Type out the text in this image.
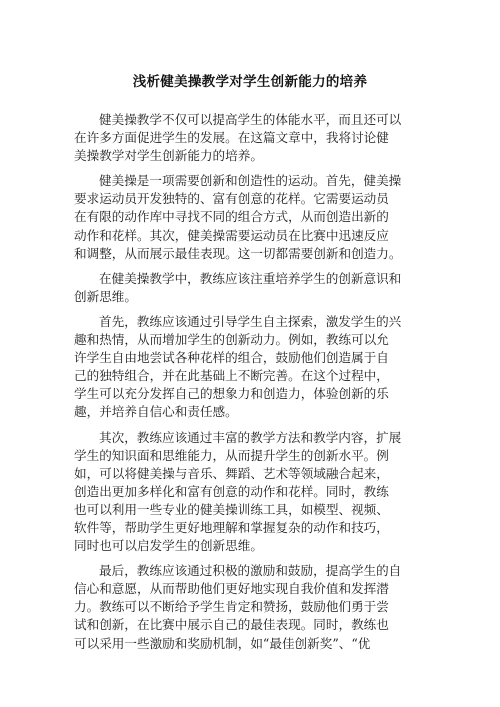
浅析健美操教学对学生创新能力的培养
健美操教学不仅可以提高学生的体能水平，而且还可以
在许多方面促进学生的发展。在这篇文章中，我将讨论健
美操教学对学生创新能力的培养。
健美操是一项需要创新和创造性的运动。首先，健美操
要求运动员开发独特的、富有创意的花样。它需要运动员
在有限的动作库中寻找不同的组合方式，从而创造出新的
动作和花样。其次，健美操需要运动员在比赛中迅速反应
和调整，从而展示最佳表现。这一切都需要创新和创造力。
在健美操教学中，教练应该注重培养学生的创新意识和
创新思维。
首先，教练应该通过引导学生自主探索，激发学生的兴
趣和热情，从而增加学生的创新动力。例如，教练可以允
许学生自由地尝试各种花样的组合，鼓励他们创造属于自
己的独特组合，并在此基础上不断完善。在这个过程中，
学生可以充分发挥自己的想象力和创造力，体验创新的乐
趣，并培养自信心和责任感。
其次，教练应该通过丰富的教学方法和教学内容，扩展
学生的知识面和思维能力，从而提升学生的创新水平。例
如，可以将健美操与音乐、舞蹈、艺术等领域融合起来，
创造出更加多样化和富有创意的动作和花样。同时，教练
也可以利用一些专业的健美操训练工具，如模型、视频、
软件等，帮助学生更好地理解和掌握复杂的动作和技巧，
同时也可以启发学生的创新思维。
最后，教练应该通过积极的激励和鼓励，提高学生的自
信心和意愿，从而帮助他们更好地实现自我价值和发挥潜
力。教练可以不断给予学生肯定和赞扬，鼓励他们勇于尝
试和创新，在比赛中展示自己的最佳表现。同时，教练也
可以采用一些激励和奖励机制，如“最佳创新奖”、“优
